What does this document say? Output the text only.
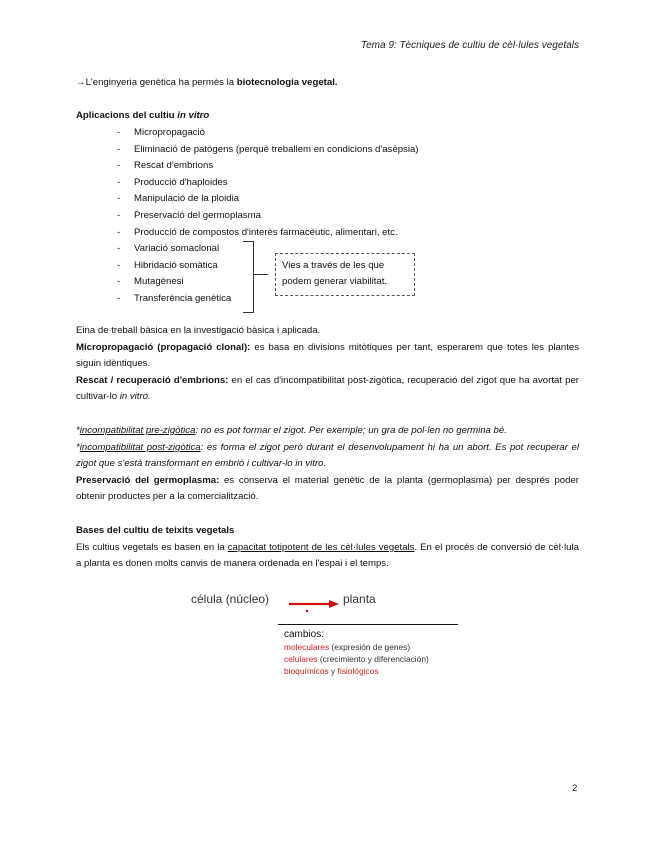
Tema 9: Tècniques de cultiu de cèl·lules vegetals
→L'enginyeria genètica ha permès la biotecnologia vegetal.
Aplicacions del cultiu in vitro
- Micropropagació
- Eliminació de patògens (perquè treballem en condicions d'asèpsia)
- Rescat d'embrions
- Producció d'haploides
- Manipulació de la ploidia
- Preservació del germoplasma
- Producció de compostos d'interès farmacèutic, alimentari, etc.
- Variació somaclonal
- Hibridació somàtica
- Mutagènesi
- Transferència genètica
Vies a través de les que
podem generar viabilitat.
Eina de treball bàsica en la investigació bàsica i aplicada.
Micropropagació (propagació clonal): es basa en divisions mitòtiques per tant, esperarem que totes les plantes siguin idèntiques.
Rescat / recuperació d'embrions: en el cas d'incompatibilitat post-zigòtica, recuperació del zigot que ha avortat per cultivar-lo in vitro.
*incompatibilitat pre-zigòtica: no es pot formar el zigot. Per exemple; un gra de pol·len no germina bé.
*incompatibilitat post-zigòtica: es forma el zigot però durant el desenvolupament hi ha un abort. Es pot recuperar el zigot que s'està transformant en embrió i cultivar-lo in vitro.
Preservació del germoplasma: es conserva el material genètic de la planta (germoplasma) per després poder obtenir productes per a la comercialització.
Bases del cultiu de teixits vegetals
Els cultius vegetals es basen en la capacitat totipotent de les cèl·lules vegetals. En el procés de conversió de cèl·lula a planta es donen molts canvis de manera ordenada en l'espai i el temps.
célula (núcleo)	planta
cambios:
moleculares (expresión de genes)
celulares (crecimiento y diferenciación)
bioquímicos y fisiológicos
2
